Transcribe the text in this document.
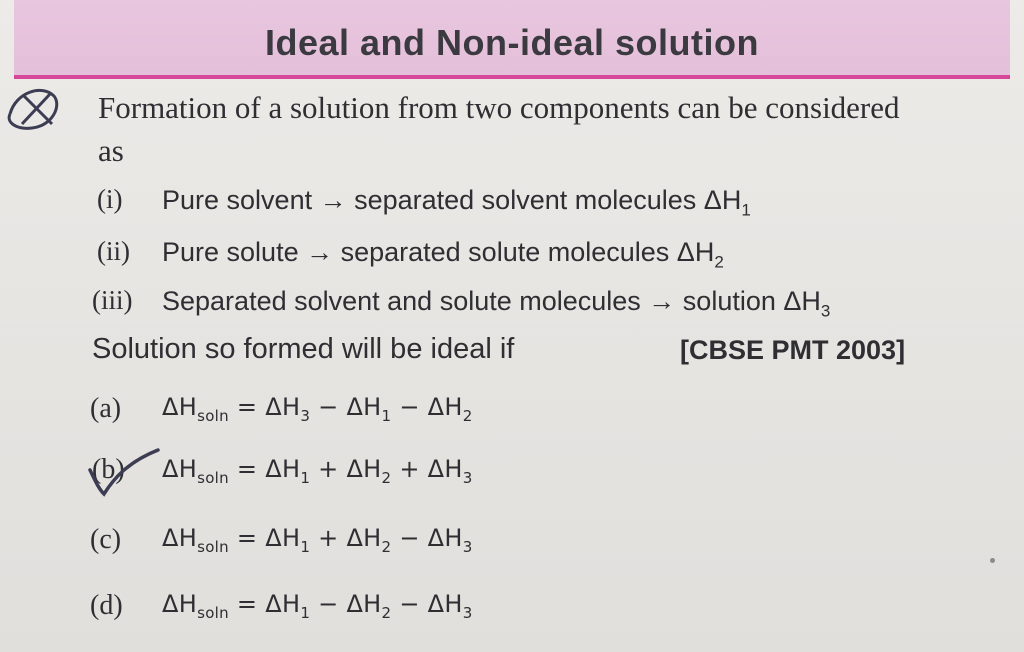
Ideal and Non-ideal solution
Formation of a solution from two components can be considered as
(i) Pure solvent → separated solvent molecules $\Delta H_1$
(ii) Pure solute → separated solute molecules $\Delta H_2$
(iii) Separated solvent and solute molecules → solution $\Delta H_3$
Solution so formed will be ideal if	[CBSE PMT 2003]
(a) $\Delta H_{soln} = \Delta H_3 - \Delta H_1 - \Delta H_2$
(b) $\Delta H_{soln} = \Delta H_1 + \Delta H_2 + \Delta H_3$
(c) $\Delta H_{soln} = \Delta H_1 + \Delta H_2 - \Delta H_3$
(d) $\Delta H_{soln} = \Delta H_1 - \Delta H_2 - \Delta H_3$
